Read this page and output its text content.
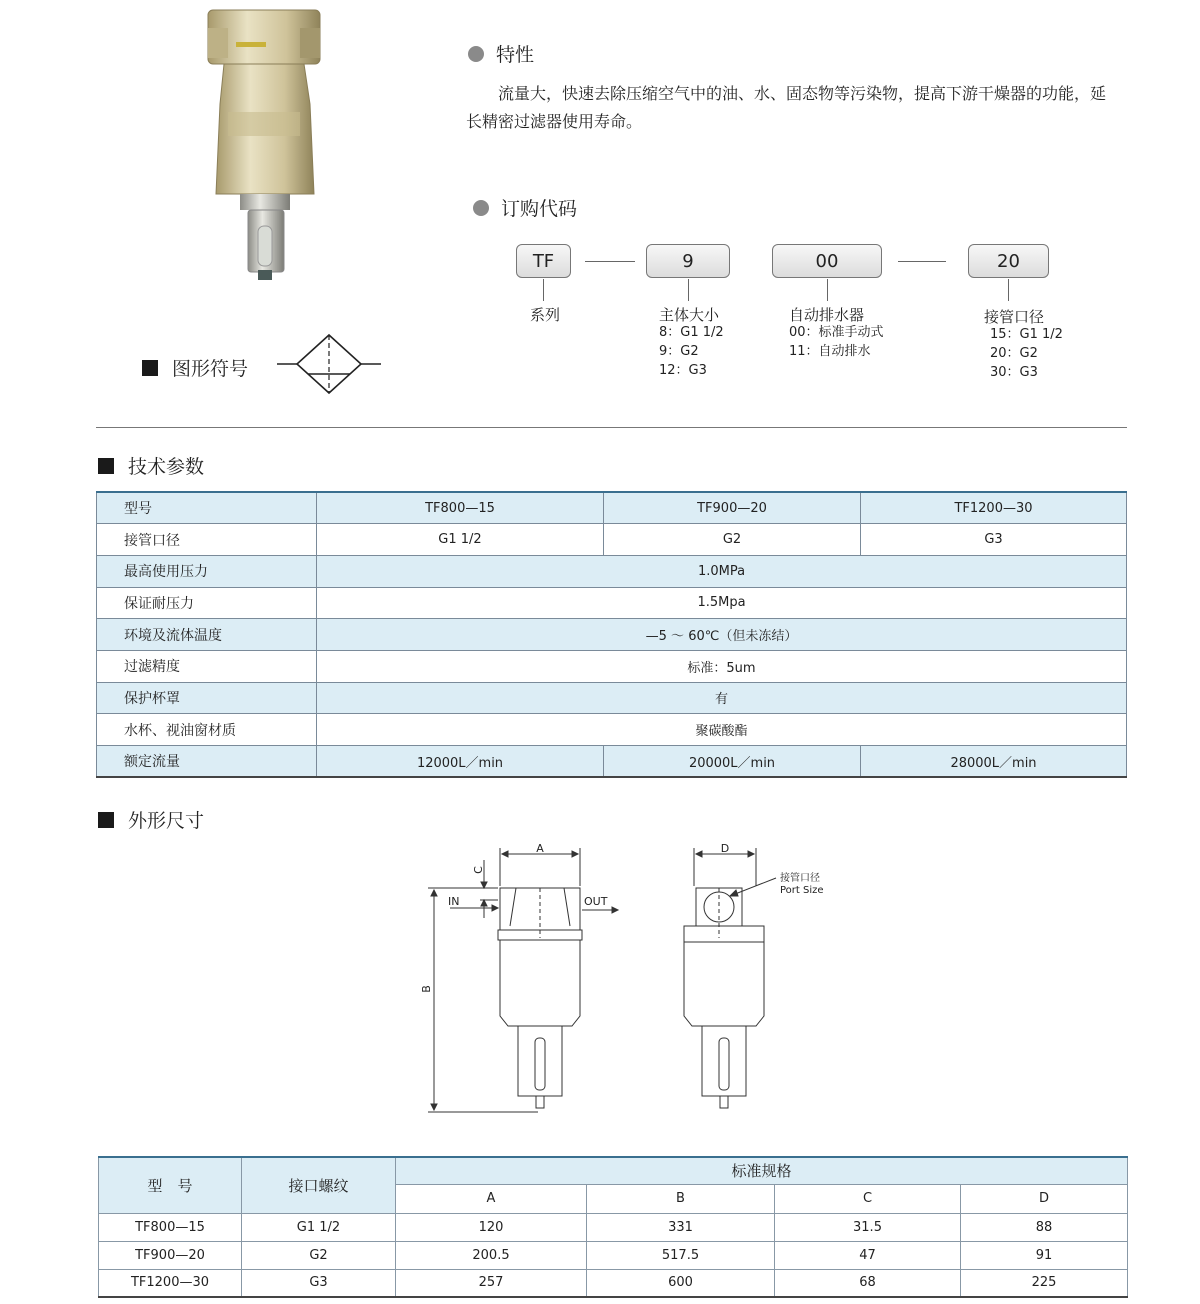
特性

流量大，快速去除压缩空气中的油、水、固态物等污染物，提高下游干燥器的功能，延长精密过滤器使用寿命。

订购代码
TF	9	00	20
系列	主体大小
8：G1 1/2
9：G2
12：G3
自动排水器
00：标准手动式
11：自动排水
接管口径
15：G1 1/2
20：G2
30：G3
图形符号
技术参数
型号	TF800—15	TF900—20	TF1200—30
接管口径	G1 1/2	G2	G3
最高使用压力	1.0MPa		
保证耐压力	1.5Mpa		
环境及流体温度	—5 ～ 60℃（但未冻结）		
过滤精度	标准：5um		
保护杯罩	有		
水杯、视油窗材质	聚碳酸酯		
额定流量	12000L／min	20000L／min	28000L／min
外形尺寸
A
B
C
IN	OUT
D
接管口径
Port Size
型　号	接口螺纹	标准规格			
		A	B	C	D
TF800—15	G1 1/2	120	331	31.5	88
TF900—20	G2	200.5	517.5	47	91
TF1200—30	G3	257	600	68	225
